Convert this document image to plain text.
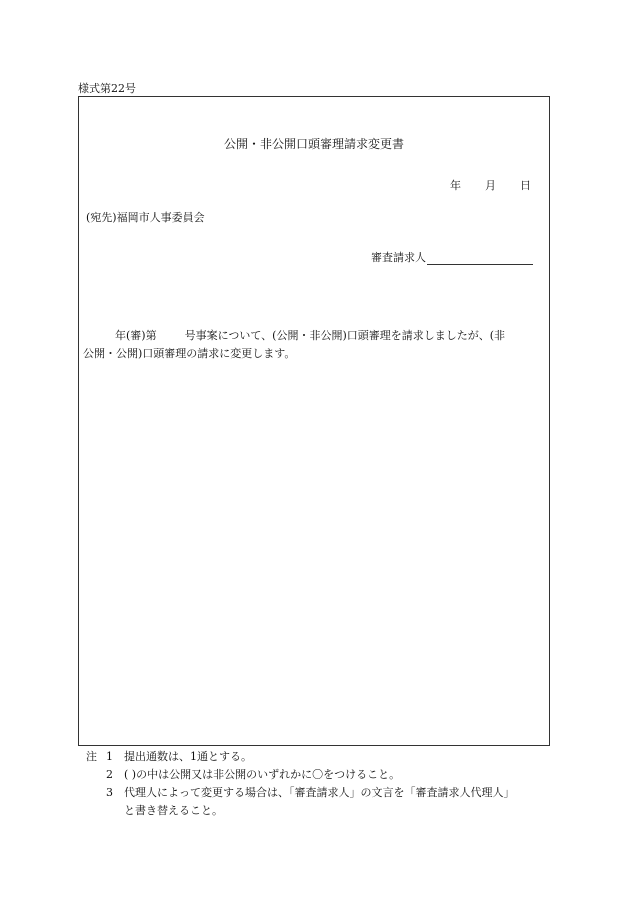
様式第22号
公開・非公開口頭審理請求変更書
年 月 日
(宛先)福岡市人事委員会
審査請求人
年(審)第	号事案について、(公開・非公開)口頭審理を請求しましたが、(非
公開・公開)口頭審理の請求に変更します。
注 1	提出通数は、1通とする。
2	( )の中は公開又は非公開のいずれかに〇をつけること。
3	代理人によって変更する場合は、「審査請求人」の文言を「審査請求人代理人」
と書き替えること。
